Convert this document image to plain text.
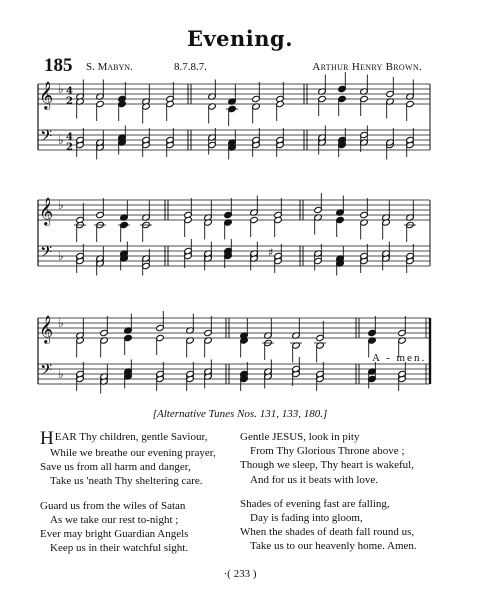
Evening.
185 S. Mabyn.	8.7.8.7.	Arthur Henry Brown.
𝄞
𝄢
♭
♭
4
2
4
2
𝄞
𝄢
♭
♭	♯
𝄞
𝄢
♭
♭
A - men.
[Alternative Tunes Nos. 131, 133, 180.]
HEAR Thy children, gentle Saviour,
While we breathe our evening prayer,
Save us from all harm and danger,
Take us 'neath Thy sheltering care.
Guard us from the wiles of Satan
As we take our rest to-night ;
Ever may bright Guardian Angels
Keep us in their watchful sight.
Gentle JESUS, look in pity
From Thy Glorious Throne above ;
Though we sleep, Thy heart is wakeful,
And for us it beats with love.
Shades of evening fast are falling,
Day is fading into gloom,
When the shades of death fall round us,
Take us to our heavenly home. Amen.
·( 233 )
